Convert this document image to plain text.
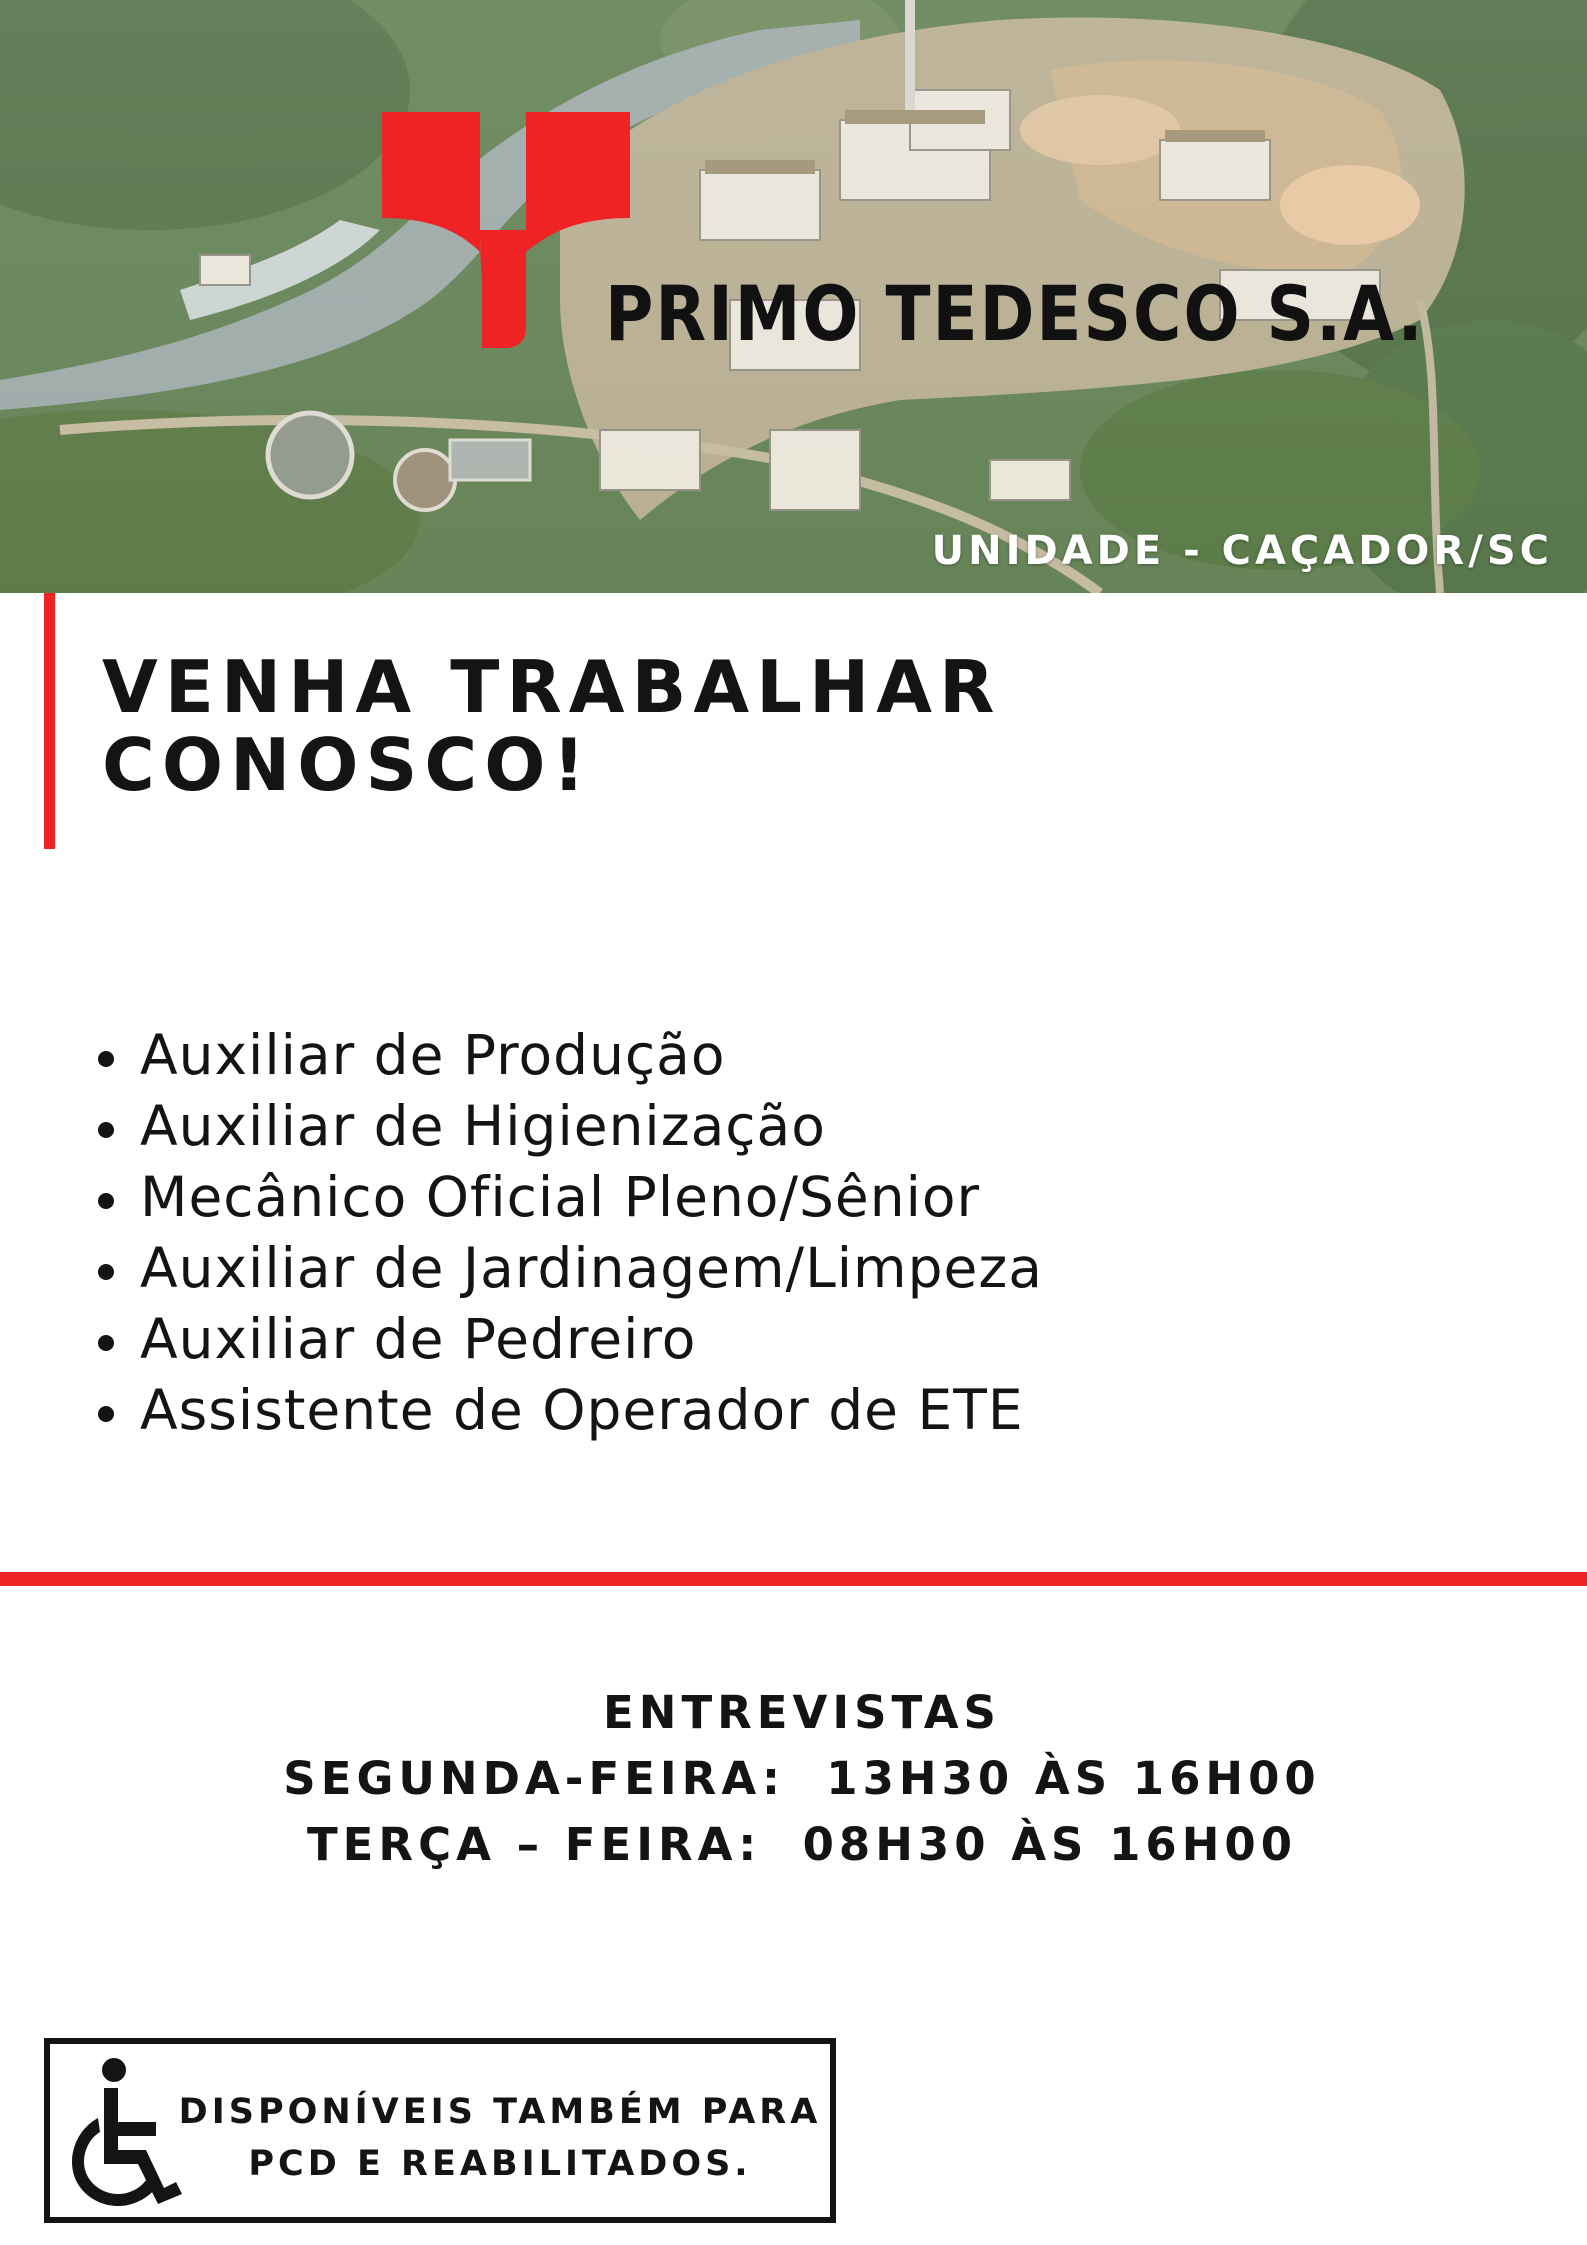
PRIMO TEDESCO S.A.
UNIDADE - CAÇADOR/SC
VENHA TRABALHAR
CONOSCO!
Auxiliar de Produção
Auxiliar de Higienização
Mecânico Oficial Pleno/Sênior
Auxiliar de Jardinagem/Limpeza
Auxiliar de Pedreiro
Assistente de Operador de ETE
ENTREVISTAS
SEGUNDA-FEIRA:  13H30 ÀS 16H00
TERÇA – FEIRA:  08H30 ÀS 16H00
DISPONÍVEIS TAMBÉM PARA
PCD E REABILITADOS.
